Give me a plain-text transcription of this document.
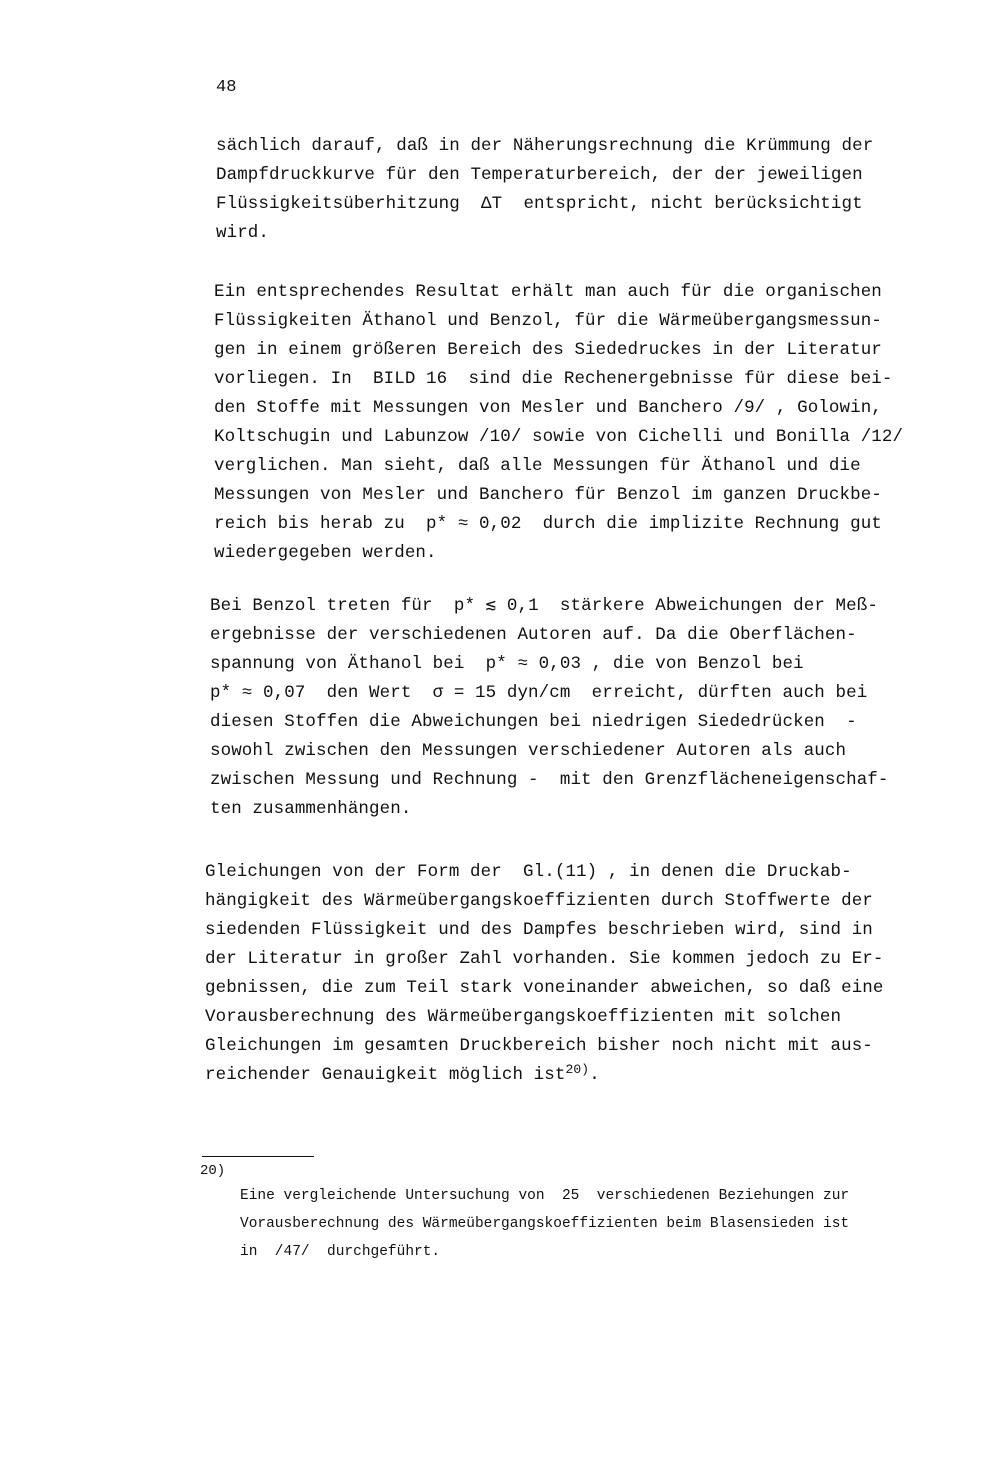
48

sächlich darauf, daß in der Näherungsrechnung die Krümmung der
Dampfdruckkurve für den Temperaturbereich, der der jeweiligen
Flüssigkeitsüberhitzung  ΔT  entspricht, nicht berücksichtigt
wird.

Ein entsprechendes Resultat erhält man auch für die organischen
Flüssigkeiten Äthanol und Benzol, für die Wärmeübergangsmessun-
gen in einem größeren Bereich des Siededruckes in der Literatur
vorliegen. In  BILD 16  sind die Rechenergebnisse für diese bei-
den Stoffe mit Messungen von Mesler und Banchero /9/ , Golowin,
Koltschugin und Labunzow /10/ sowie von Cichelli und Bonilla /12/
verglichen. Man sieht, daß alle Messungen für Äthanol und die
Messungen von Mesler und Banchero für Benzol im ganzen Druckbe-
reich bis herab zu  p* ≈ 0,02  durch die implizite Rechnung gut
wiedergegeben werden.

Bei Benzol treten für  p* ≲ 0,1  stärkere Abweichungen der Meß-
ergebnisse der verschiedenen Autoren auf. Da die Oberflächen-
spannung von Äthanol bei  p* ≈ 0,03 , die von Benzol bei
p* ≈ 0,07  den Wert  σ = 15 dyn/cm  erreicht, dürften auch bei
diesen Stoffen die Abweichungen bei niedrigen Siededrücken  -
sowohl zwischen den Messungen verschiedener Autoren als auch
zwischen Messung und Rechnung -  mit den Grenzflächeneigenschaf-
ten zusammenhängen.

Gleichungen von der Form der  Gl.(11) , in denen die Druckab-
hängigkeit des Wärmeübergangskoeffizienten durch Stoffwerte der
siedenden Flüssigkeit und des Dampfes beschrieben wird, sind in
der Literatur in großer Zahl vorhanden. Sie kommen jedoch zu Er-
gebnissen, die zum Teil stark voneinander abweichen, so daß eine
Vorausberechnung des Wärmeübergangskoeffizienten mit solchen
Gleichungen im gesamten Druckbereich bisher noch nicht mit aus-
reichender Genauigkeit möglich ist$^{20)}$.

20)

Eine vergleichende Untersuchung von  25  verschiedenen Beziehungen zur
Vorausberechnung des Wärmeübergangskoeffizienten beim Blasensieden ist
in  /47/  durchgeführt.
